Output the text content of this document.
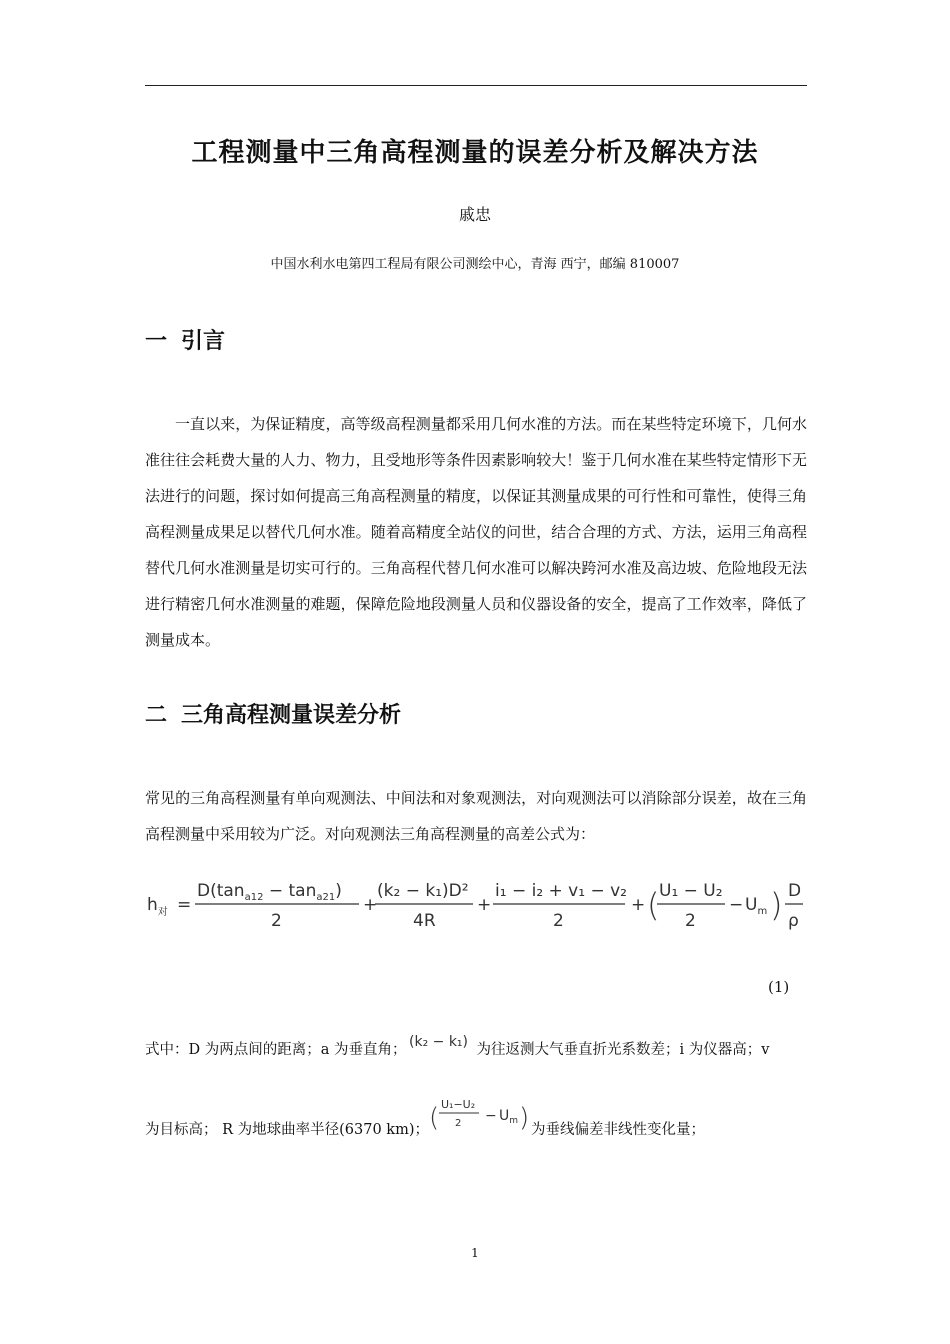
工程测量中三角高程测量的误差分析及解决方法
戚忠
中国水利水电第四工程局有限公司测绘中心，青海 西宁，邮编 810007
一 引言
一直以来，为保证精度，高等级高程测量都采用几何水准的方法。而在某些特定环境下，几何水准往往会耗费大量的人力、物力，且受地形等条件因素影响较大！鉴于几何水准在某些特定情形下无法进行的问题，探讨如何提高三角高程测量的精度，以保证其测量成果的可行性和可靠性，使得三角高程测量成果足以替代几何水准。随着高精度全站仪的问世，结合合理的方式、方法，运用三角高程替代几何水准测量是切实可行的。三角高程代替几何水准可以解决跨河水准及高边坡、危险地段无法进行精密几何水准测量的难题，保障危险地段测量人员和仪器设备的安全，提高了工作效率，降低了测量成本。
二 三角高程测量误差分析
常见的三角高程测量有单向观测法、中间法和对象观测法，对向观测法可以消除部分误差，故在三角高程测量中采用较为广泛。对向观测法三角高程测量的高差公式为：
$h_对$ =
$D(\tan_{a12} - \tan_{a21})$
2
+
(k₂ − k₁)D²
4R
+
i₁ − i₂ + v₁ − v₂
2
+ ( U₁ − U₂
2
− $U_m$ ) D
ρ
(1)
式中：D 为两点间的距离；a 为垂直角； (k₂ − k₁) 为往返测大气垂直折光系数差；i 为仪器高；v
为目标高； R 为地球曲率半径(6370 km)； ( U₁−U₂
$2 - U_m$ ) 为垂线偏差非线性变化量；
1
